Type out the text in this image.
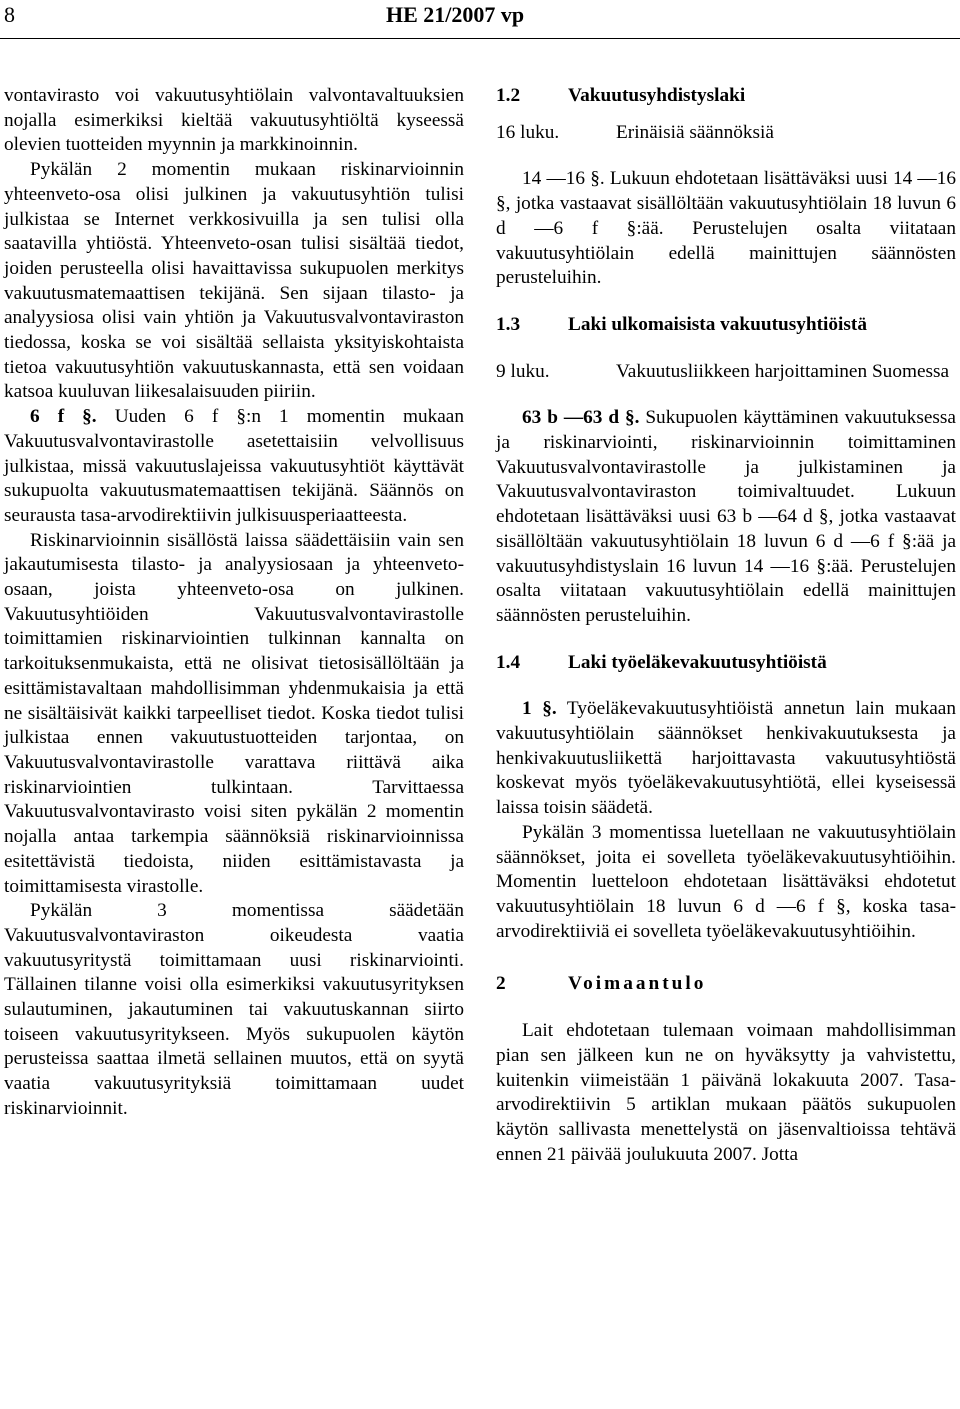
8	HE 21/2007 vp

vontavirasto voi vakuutusyhtiölain valvontavaltuuksien nojalla esimerkiksi kieltää vakuutusyhtiöltä kyseessä olevien tuotteiden myynnin ja markkinoinnin.

Pykälän 2 momentin mukaan riskinarvioinnin yhteenveto-osa olisi julkinen ja vakuutusyhtiön tulisi julkistaa se Internet verkkosivuilla ja sen tulisi olla saatavilla yhtiöstä. Yhteenveto-osan tulisi sisältää tiedot, joiden perusteella olisi havaittavissa sukupuolen merkitys vakuutusmatemaattisen tekijänä. Sen sijaan tilasto- ja analyysiosa olisi vain yhtiön ja Vakuutusvalvontaviraston tiedossa, koska se voi sisältää sellaista yksityiskohtaista tietoa vakuutusyhtiön vakuutuskannasta, että sen voidaan katsoa kuuluvan liikesalaisuuden piiriin.

6 f §. Uuden 6 f §:n 1 momentin mukaan Vakuutusvalvontavirastolle asetettaisiin velvollisuus julkistaa, missä vakuutuslajeissa vakuutusyhtiöt käyttävät sukupuolta vakuutusmatemaattisen tekijänä. Säännös on seurausta tasa-arvodirektiivin julkisuusperiaatteesta.

Riskinarvioinnin sisällöstä laissa säädettäisiin vain sen jakautumisesta tilasto- ja analyysiosaan ja yhteenveto-osaan, joista yhteenveto-osa on julkinen. Vakuutusyhtiöiden Vakuutusvalvontavirastolle toimittamien riskinarviointien tulkinnan kannalta on tarkoituksenmukaista, että ne olisivat tietosisällöltään ja esittämistavaltaan mahdollisimman yhdenmukaisia ja että ne sisältäisivät kaikki tarpeelliset tiedot. Koska tiedot tulisi julkistaa ennen vakuutustuotteiden tarjontaa, on Vakuutusvalvontavirastolle varattava riittävä aika riskinarviointien tulkintaan. Tarvittaessa Vakuutusvalvontavirasto voisi siten pykälän 2 momentin nojalla antaa tarkempia säännöksiä riskinarvioinnissa esitettävistä tiedoista, niiden esittämistavasta ja toimittamisesta virastolle.

Pykälän 3 momentissa säädetään Vakuutusvalvontaviraston oikeudesta vaatia vakuutusyritystä toimittamaan uusi riskinarviointi. Tällainen tilanne voisi olla esimerkiksi vakuutusyrityksen sulautuminen, jakautuminen tai vakuutuskannan siirto toiseen vakuutusyritykseen. Myös sukupuolen käytön perusteissa saattaa ilmetä sellainen muutos, että on syytä vaatia vakuutusyrityksiä toimittamaan uudet riskinarvioinnit.

1.2 Vakuutusyhdistyslaki
16 luku.	Erinäisiä säännöksiä

14 —16 §. Lukuun ehdotetaan lisättäväksi uusi 14 —16 §, jotka vastaavat sisällöltään vakuutusyhtiölain 18 luvun 6 d —6 f §:ää. Perustelujen osalta viitataan vakuutusyhtiölain edellä mainittujen säännösten perusteluihin.

1.3 Laki ulkomaisista vakuutusyhtiöistä
9 luku.	Vakuutusliikkeen harjoittaminen Suomessa

63 b —63 d §. Sukupuolen käyttäminen vakuutuksessa ja riskinarviointi, riskinarvioinnin toimittaminen Vakuutusvalvontavirastolle ja julkistaminen ja Vakuutusvalvontaviraston toimivaltuudet. Lukuun ehdotetaan lisättäväksi uusi 63 b —64 d §, jotka vastaavat sisällöltään vakuutusyhtiölain 18 luvun 6 d —6 f §:ää ja vakuutusyhdistyslain 16 luvun 14 —16 §:ää. Perustelujen osalta viitataan vakuutusyhtiölain edellä mainittujen säännösten perusteluihin.

1.4 Laki työeläkevakuutusyhtiöistä

1 §. Työeläkevakuutusyhtiöistä annetun lain mukaan vakuutusyhtiölain säännökset henkivakuutuksesta ja henkivakuutusliikettä harjoittavasta vakuutusyhtiöstä koskevat myös työeläkevakuutusyhtiötä, ellei kyseisessä laissa toisin säädetä.

Pykälän 3 momentissa luetellaan ne vakuutusyhtiölain säännökset, joita ei sovelleta työeläkevakuutusyhtiöihin. Momentin luetteloon ehdotetaan lisättäväksi ehdotetut vakuutusyhtiölain 18 luvun 6 d —6 f §, koska tasa-arvodirektiiviä ei sovelleta työeläkevakuutusyhtiöihin.

2	Voimaantulo

Lait ehdotetaan tulemaan voimaan mahdollisimman pian sen jälkeen kun ne on hyväksytty ja vahvistettu, kuitenkin viimeistään 1 päivänä lokakuuta 2007. Tasa-arvodirektiivin 5 artiklan mukaan päätös sukupuolen käytön sallivasta menettelystä on jäsenvaltioissa tehtävä ennen 21 päivää joulukuuta 2007. Jotta
